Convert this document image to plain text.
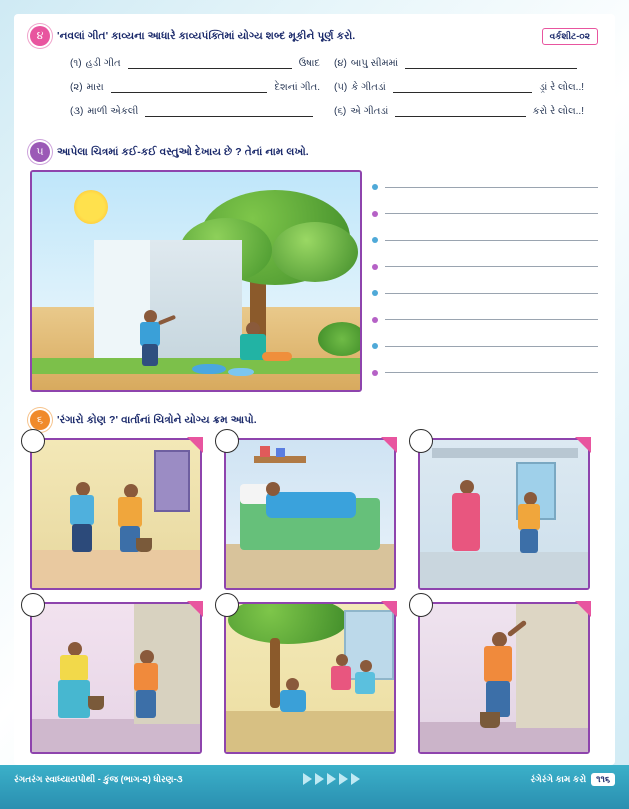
૪	'નવલાં ગીત' કાવ્યના આધારે કાવ્યપંક્તિમાં યોગ્ય શબ્દ મૂકીને પૂર્ણ કરો.	વર્કશીટ-૦૨
(૧) હડી ગીત	ઉષાદ (૪) બાપુ સીમમાં
(૨) મારા	દેશનાં ગીત. (૫) કે ગીતડાં	ડ્રાં રે લોલ..!
(૩) માળી એકલી	(૬) એ ગીતડાં	કરો રે લોલ..!
૫	આપેલા ચિત્રમાં કઈ-કઈ વસ્તુઓ દેખાય છે ? તેનાં નામ લખો.
૬	'રંગારો કોણ ?' વાર્તાનાં ચિત્રોને યોગ્ય ક્રમ આપો.
રંગતરંગ સ્વાધ્યાયપોથી - કુંજ (ભાગ-૨) ધોરણ-૩	રંગેરંગે કામ કરો	૧૧૬
